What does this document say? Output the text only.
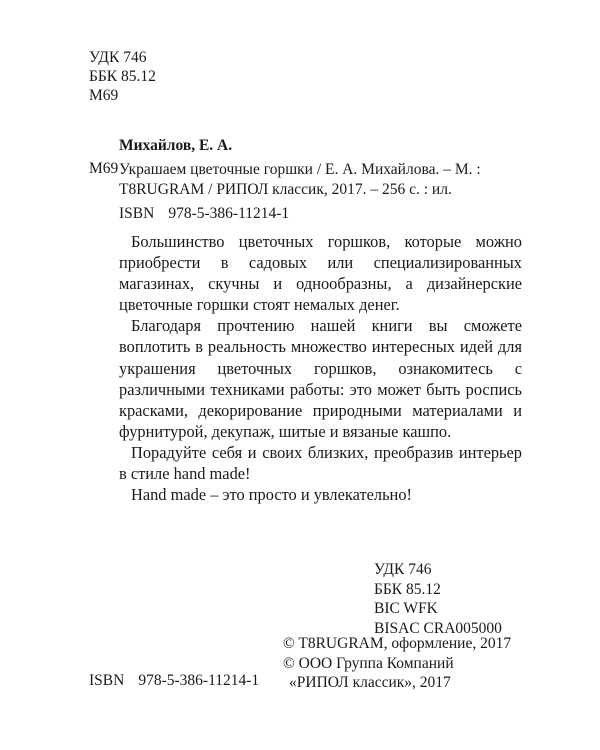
УДК 746
ББК 85.12
М69
Михайлов, Е. А.
М69 Украшаем цветочные горшки / Е. А. Михайлова. – М. :
T8RUGRAM / РИПОЛ классик, 2017. – 256 с. : ил.
ISBN 978-5-386-11214-1

Большинство цветочных горшков, которые можно приобрести в садовых или специализированных магазинах, скучны и однообразны, а дизайнерские цветочные горшки стоят немалых денег.

Благодаря прочтению нашей книги вы сможете воплотить в реальность множество интересных идей для украшения цветочных горшков, ознакомитесь с различными техниками работы: это может быть роспись красками, декорирование природными материалами и фурнитурой, декупаж, шитые и вязаные кашпо.

Порадуйте себя и своих близких, преобразив интерьер в стиле hand made!

Hand made – это просто и увлекательно!

УДК 746
ББК 85.12
BIC WFK
BISAC CRA005000
© T8RUGRAM, оформление, 2017
© ООО Группа Компаний
«РИПОЛ классик», 2017
ISBN 978-5-386-11214-1
